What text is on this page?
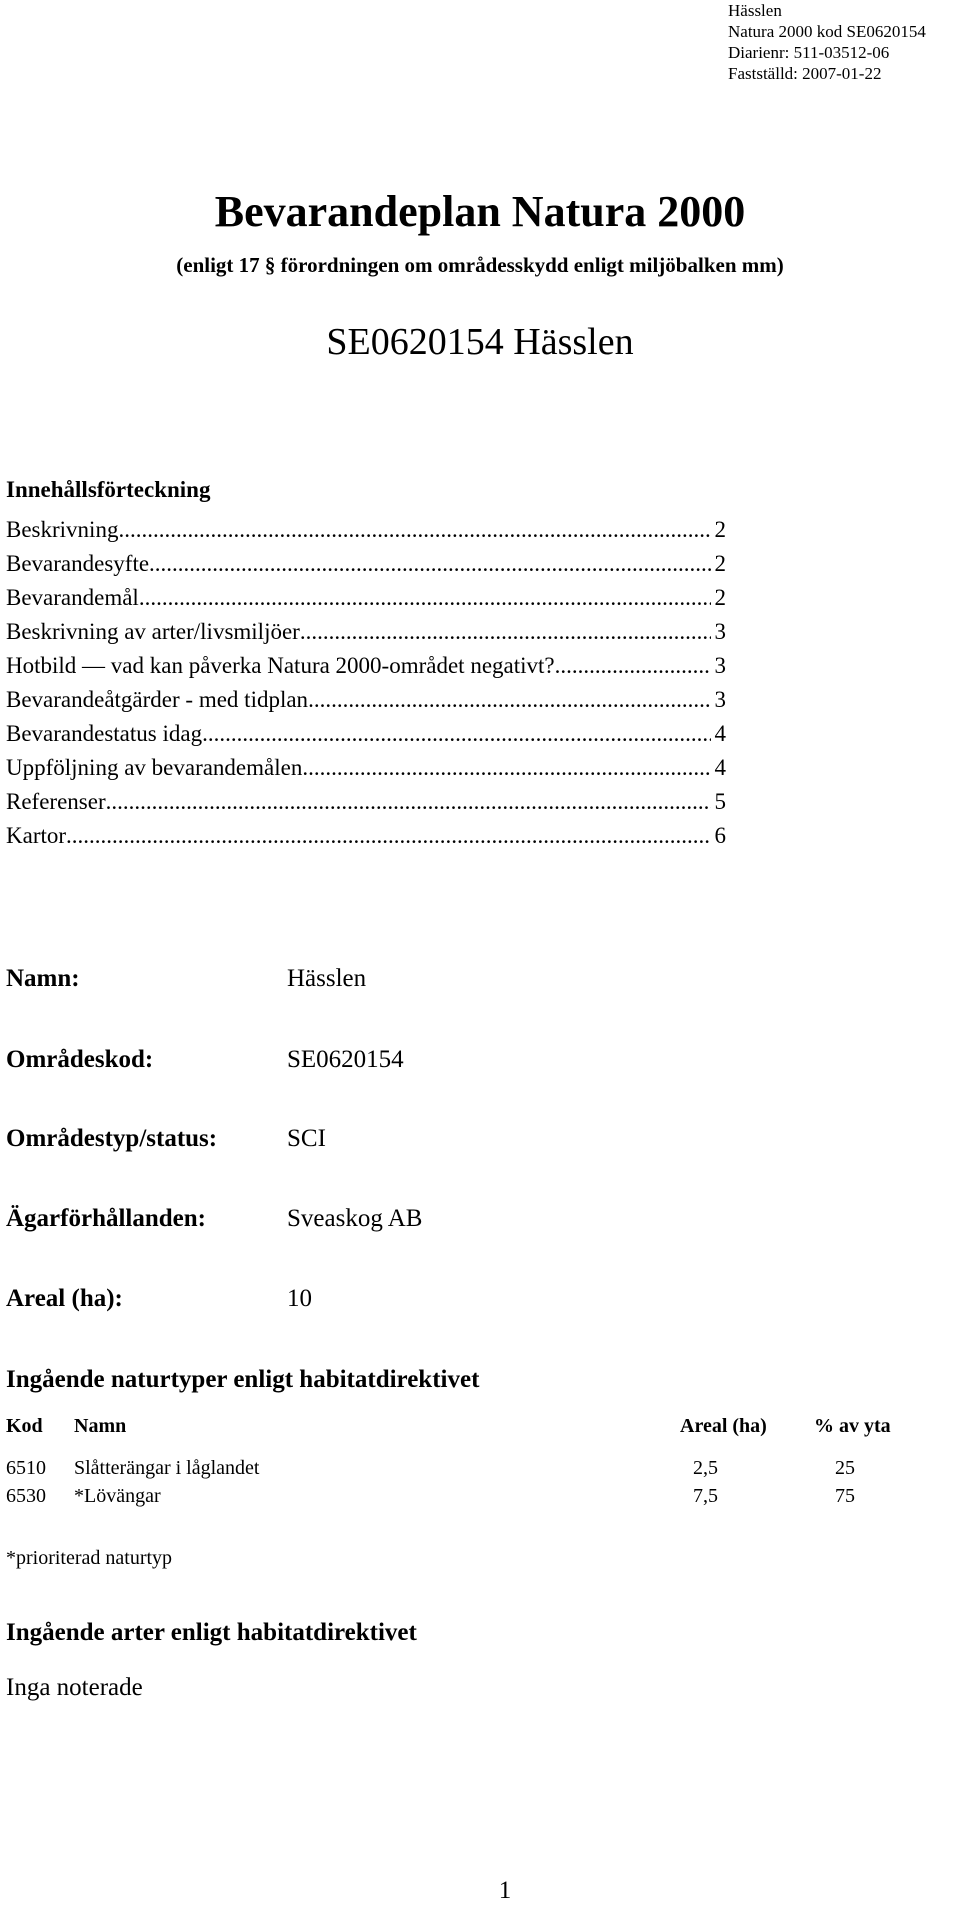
Hässlen
Natura 2000 kod SE0620154
Diarienr: 511-03512-06
Fastställd: 2007-01-22
Bevarandeplan Natura 2000
(enligt 17 § förordningen om områdesskydd enligt miljöbalken mm)
SE0620154 Hässlen
Innehållsförteckning
Beskrivning .....	2
Bevarandesyfte .....	2
Bevarandemål .....	2
Beskrivning av arter/livsmiljöer .....	3
Hotbild — vad kan påverka Natura 2000-området negativt? .....	3
Bevarandeåtgärder - med tidplan .....	3
Bevarandestatus idag. .....	4
Uppföljning av bevarandemålen .....	4
Referenser .....	5
Kartor .....	6
Namn:	Hässlen
Områdeskod:	SE0620154
Områdestyp/status:	SCI
Ägarförhållanden:	Sveaskog AB
Areal (ha):	10
Ingående naturtyper enligt habitatdirektivet
Kod Namn	Areal (ha) % av yta
6510 Slåtterängar i låglandet	2,5	25
6530 *Lövängar	7,5	75
*prioriterad naturtyp
Ingående arter enligt habitatdirektivet
Inga noterade
1
